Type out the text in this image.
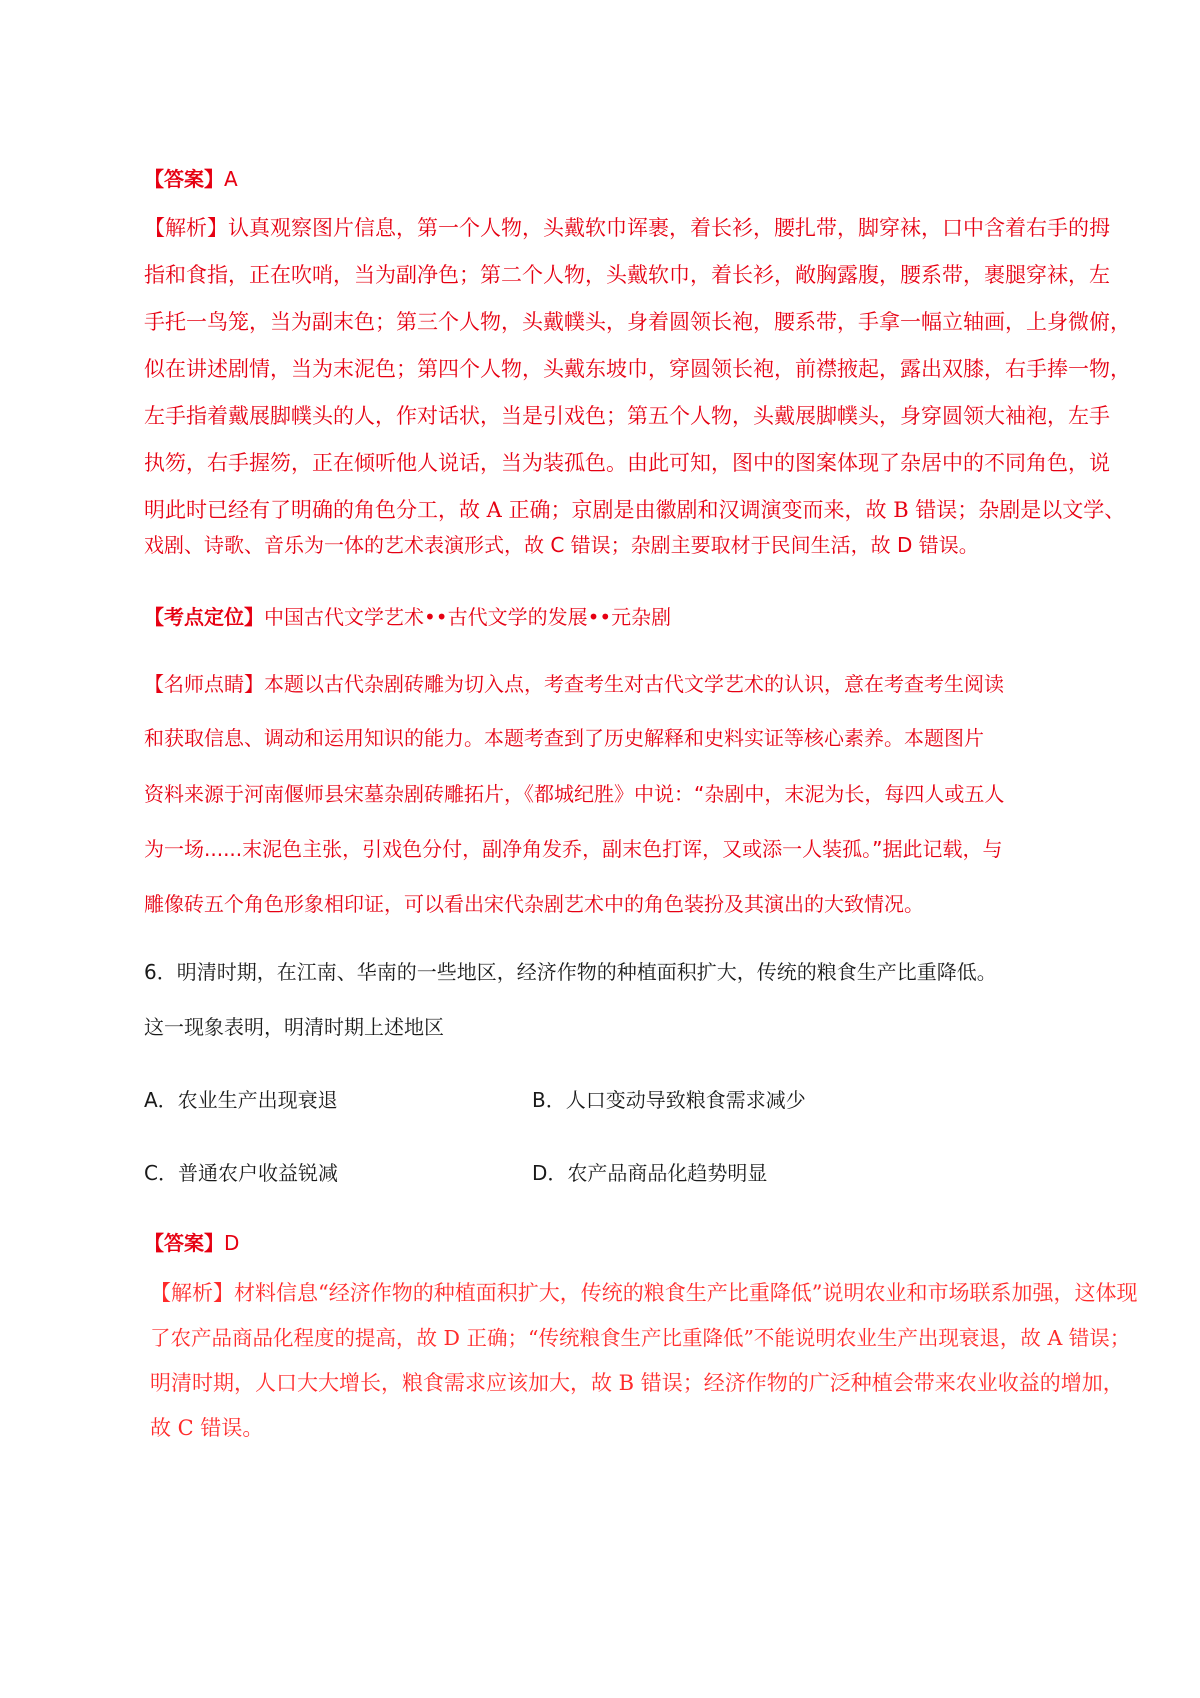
【答案】A
【解析】认真观察图片信息，第一个人物，头戴软巾诨裹，着长衫，腰扎带，脚穿袜，口中含着右手的拇
指和食指，正在吹哨，当为副净色；第二个人物，头戴软巾，着长衫，敞胸露腹，腰系带，裹腿穿袜，左
手托一鸟笼，当为副末色；第三个人物，头戴幞头，身着圆领长袍，腰系带，手拿一幅立轴画，上身微俯，
似在讲述剧情，当为末泥色；第四个人物，头戴东坡巾，穿圆领长袍，前襟掖起，露出双膝，右手捧一物，
左手指着戴展脚幞头的人，作对话状，当是引戏色；第五个人物，头戴展脚幞头，身穿圆领大袖袍，左手
执笏，右手握笏，正在倾听他人说话，当为装孤色。由此可知，图中的图案体现了杂居中的不同角色，说
明此时已经有了明确的角色分工，故 A 正确；京剧是由徽剧和汉调演变而来，故 B 错误；杂剧是以文学、
戏剧、诗歌、音乐为一体的艺术表演形式，故 C 错误；杂剧主要取材于民间生活，故 D 错误。
【考点定位】中国古代文学艺术••古代文学的发展••元杂剧
【名师点睛】本题以古代杂剧砖雕为切入点，考查考生对古代文学艺术的认识，意在考查考生阅读
和获取信息、调动和运用知识的能力。本题考查到了历史解释和史料实证等核心素养。本题图片
资料来源于河南偃师县宋墓杂剧砖雕拓片，《都城纪胜》中说：“杂剧中，末泥为长，每四人或五人
为一场......末泥色主张，引戏色分付，副净角发乔，副末色打诨，又或添一人装孤。”据此记载，与
雕像砖五个角色形象相印证，可以看出宋代杂剧艺术中的角色装扮及其演出的大致情况。
6．明清时期，在江南、华南的一些地区，经济作物的种植面积扩大，传统的粮食生产比重降低。
这一现象表明，明清时期上述地区
A．农业生产出现衰退	B．人口变动导致粮食需求减少
C．普通农户收益锐减	D．农产品商品化趋势明显
【答案】D
【解析】材料信息“经济作物的种植面积扩大，传统的粮食生产比重降低”说明农业和市场联系加强，这体现
了农产品商品化程度的提高，故 D 正确；“传统粮食生产比重降低”不能说明农业生产出现衰退，故 A 错误；
明清时期，人口大大增长，粮食需求应该加大，故 B 错误；经济作物的广泛种植会带来农业收益的增加，
故 C 错误。
